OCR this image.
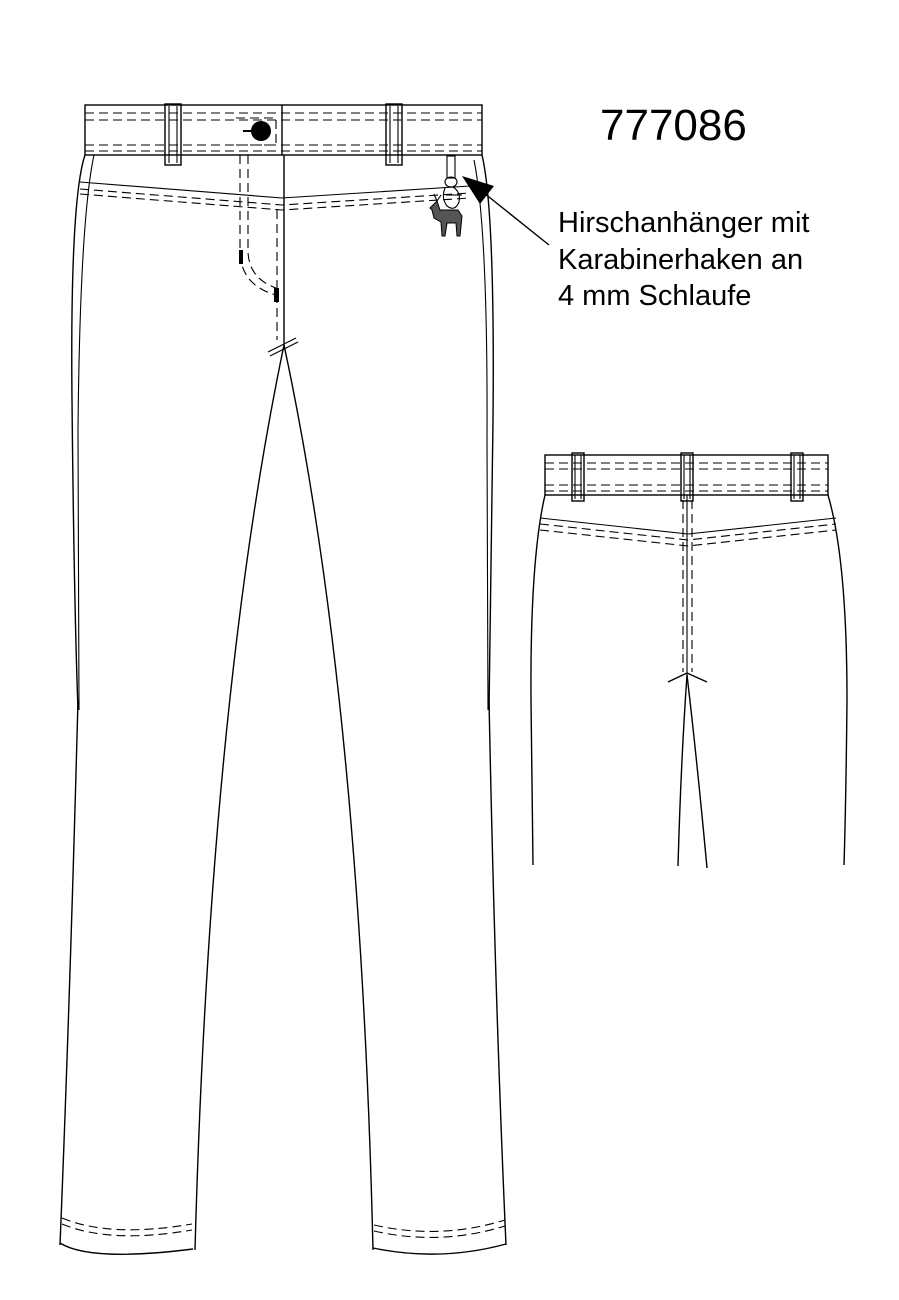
777086
Hirschanhänger mit
Karabinerhaken an
4 mm Schlaufe
